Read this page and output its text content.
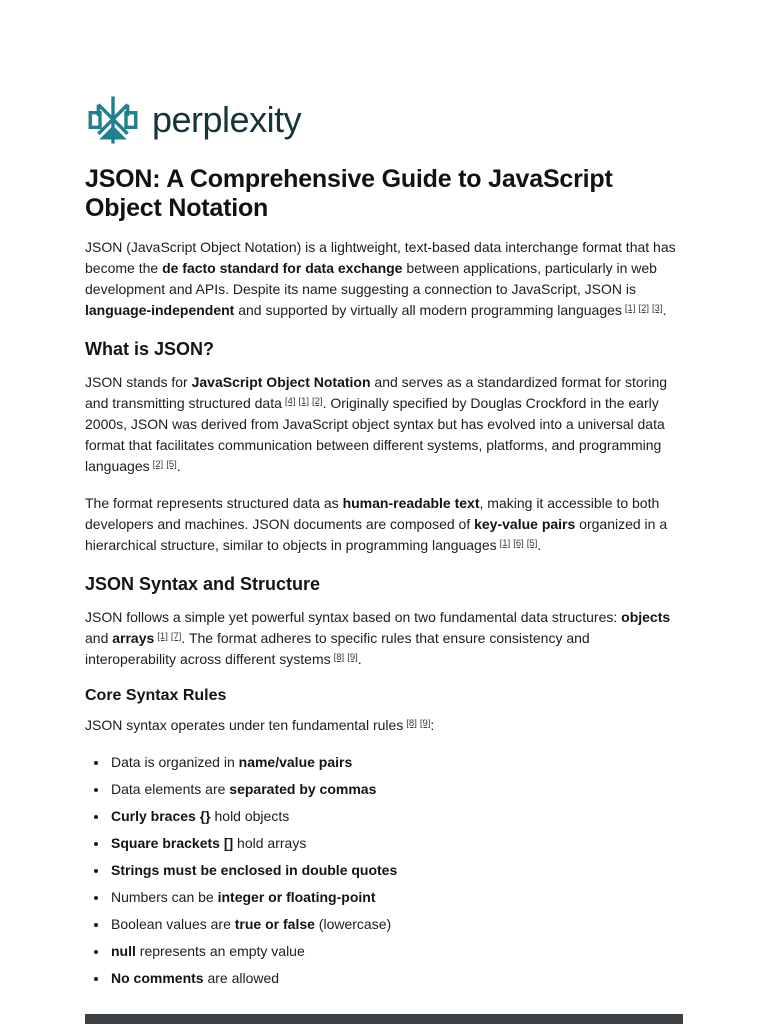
perplexity
JSON: A Comprehensive Guide to JavaScript Object Notation

JSON (JavaScript Object Notation) is a lightweight, text-based data interchange format that has become the de facto standard for data exchange between applications, particularly in web development and APIs. Despite its name suggesting a connection to JavaScript, JSON is language-independent and supported by virtually all modern programming languages [1] [2] [3].

What is JSON?

JSON stands for JavaScript Object Notation and serves as a standardized format for storing and transmitting structured data [4] [1] [2]. Originally specified by Douglas Crockford in the early 2000s, JSON was derived from JavaScript object syntax but has evolved into a universal data format that facilitates communication between different systems, platforms, and programming languages [2] [5].

The format represents structured data as human-readable text, making it accessible to both developers and machines. JSON documents are composed of key-value pairs organized in a hierarchical structure, similar to objects in programming languages [1] [6] [5].

JSON Syntax and Structure

JSON follows a simple yet powerful syntax based on two fundamental data structures: objects and arrays [1] [7]. The format adheres to specific rules that ensure consistency and interoperability across different systems [8] [9].

Core Syntax Rules

JSON syntax operates under ten fundamental rules [8] [9]:

• Data is organized in name/value pairs
• Data elements are separated by commas
• Curly braces {} hold objects
• Square brackets [] hold arrays
• Strings must be enclosed in double quotes
• Numbers can be integer or floating-point
• Boolean values are true or false (lowercase)
• null represents an empty value
• No comments are allowed
